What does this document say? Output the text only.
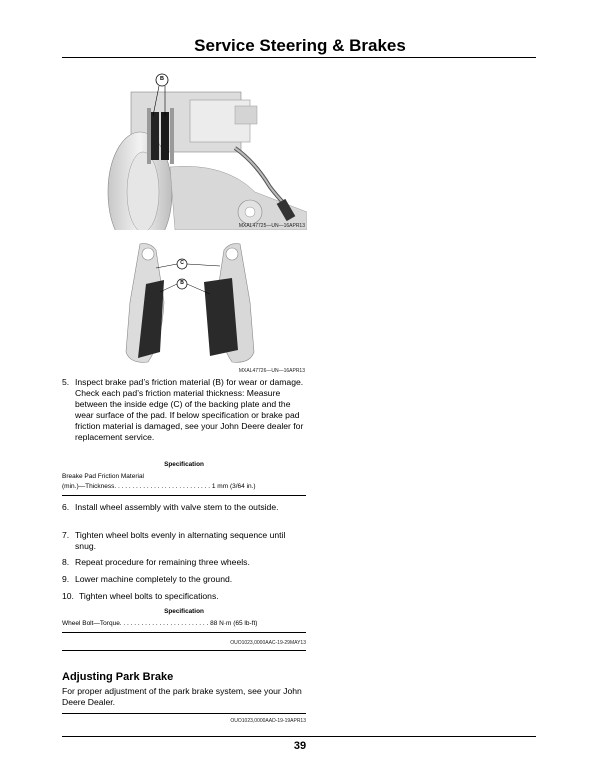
Service Steering & Brakes
B
MXAL47725—UN—16APR13
C
B
MXAL47726—UN—16APR13
5. Inspect brake pad’s friction material (B) for wear or damage. Check each pad’s friction material thickness: Measure between the inside edge (C) of the backing plate and the wear surface of the pad. If below specification or brake pad friction material is damaged, see your John Deere dealer for replacement service.
Specification
Breake Pad Friction Material
(min.)—Thickness. . . . . . . . . . . . . . . . . . . . . . . . . . . 1 mm (3/64 in.)
6. Install wheel assembly with valve stem to the outside.
7. Tighten wheel bolts evenly in alternating sequence until snug.
8. Repeat procedure for remaining three wheels.
9. Lower machine completely to the ground.
10. Tighten wheel bolts to specifications.
Specification
Wheel Bolt—Torque. . . . . . . . . . . . . . . . . . . . . . . . . 88 N·m (65 lb-ft)
OUO1023,0000AAC-19-29MAY13
Adjusting Park Brake
For proper adjustment of the park brake system, see your John Deere Dealer.
OUO1023,0000AAD-19-19APR13
39
